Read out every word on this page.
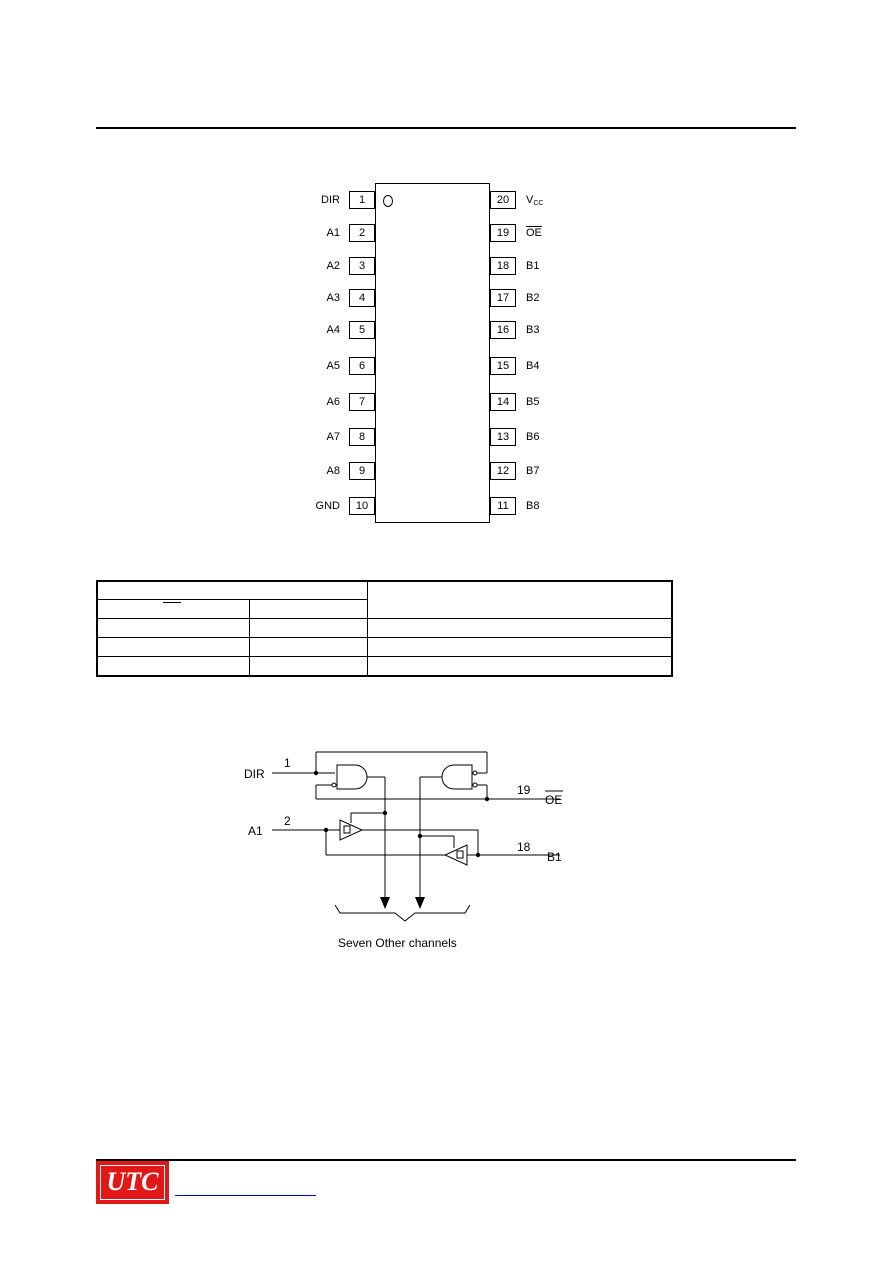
DIR	1
A1	2
A2	3
A3	4
A4	5
A5	6
A6	7
A7	8
A8	9
GND	10
20	$V_{CC}$
19	$\overline{OE}$
18	B1
17	B2
16	B3
15	B4
14	B5
13	B6
12	B7
11	B8

DIR
1
A1
2
19
OE
18
B1
Seven Other channels
UTC
